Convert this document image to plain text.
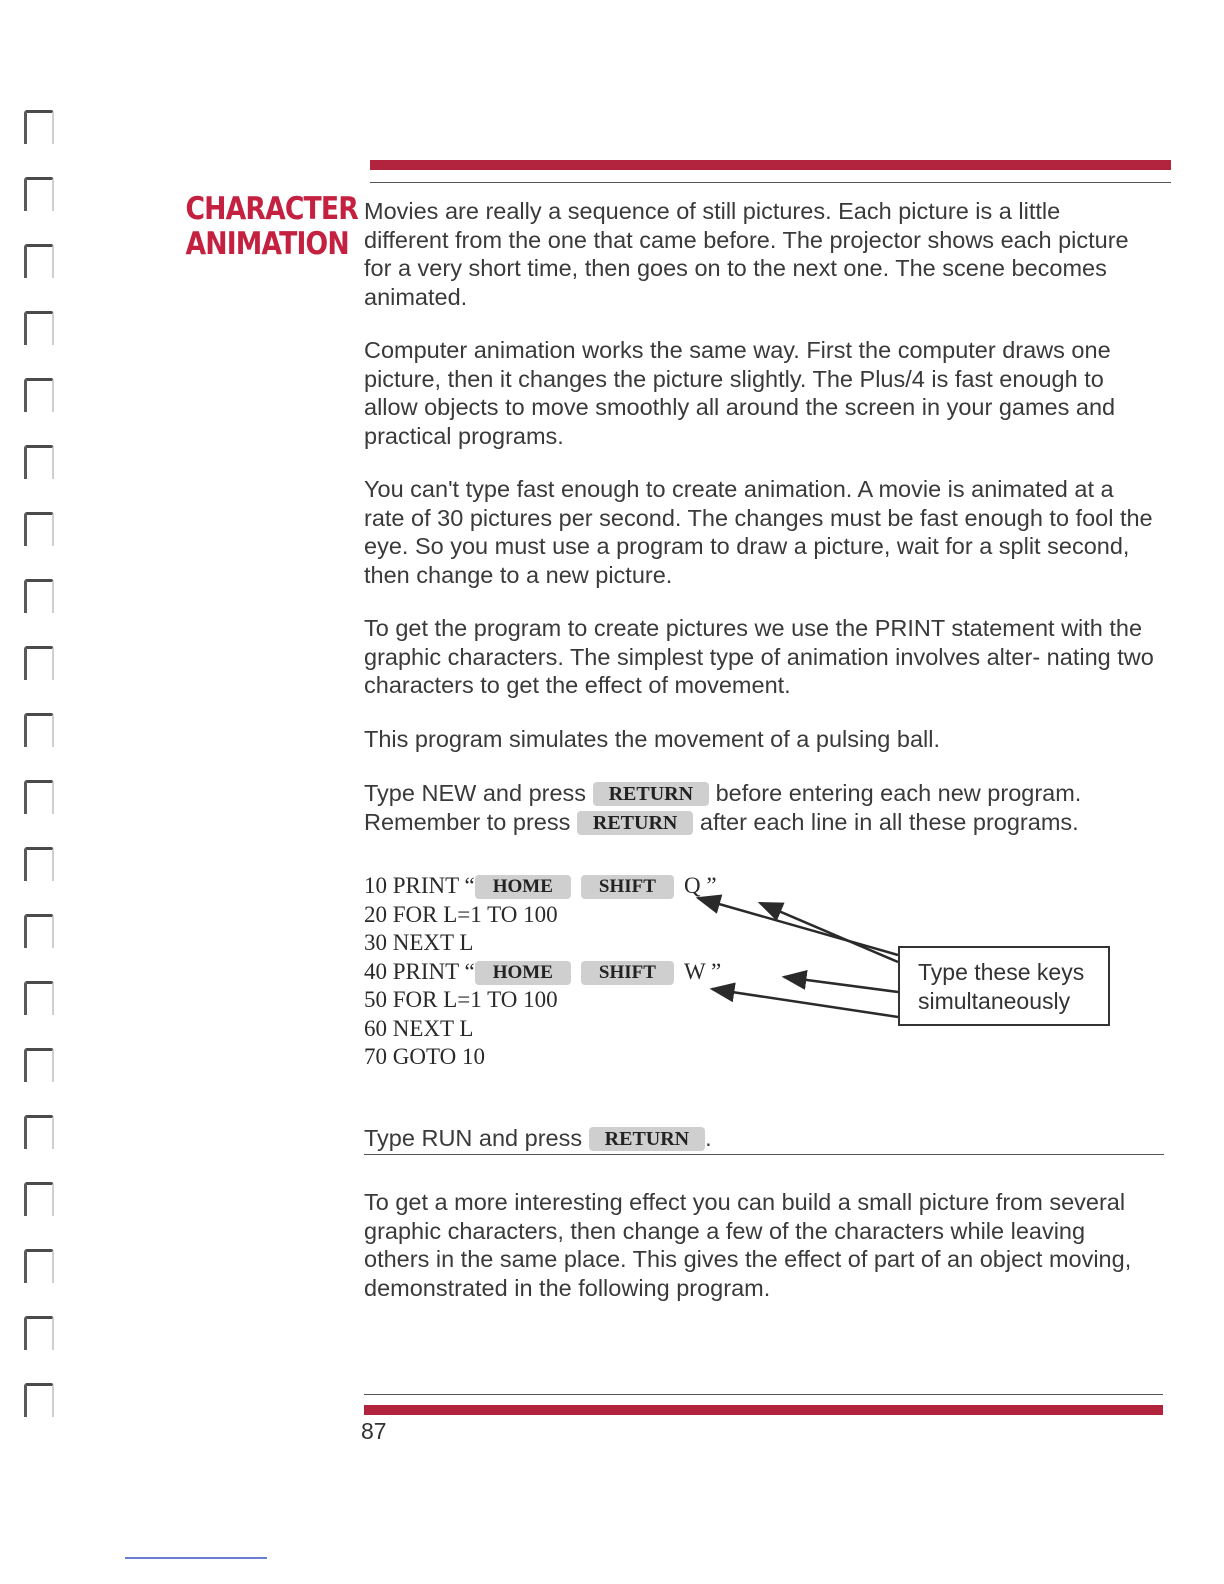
CHARACTER
ANIMATION

Movies are really a sequence of still pictures. Each picture is a little different from the one that came before. The projector shows each picture for a very short time, then goes on to the next one. The scene becomes animated.

Computer animation works the same way. First the computer draws one picture, then it changes the picture slightly. The Plus/4 is fast enough to allow objects to move smoothly all around the screen in your games and practical programs.

You can't type fast enough to create animation. A movie is animated at a rate of 30 pictures per second. The changes must be fast enough to fool the eye. So you must use a program to draw a picture, wait for a split second, then change to a new picture.

To get the program to create pictures we use the PRINT statement with the graphic characters. The simplest type of animation involves alter- nating two characters to get the effect of movement.

This program simulates the movement of a pulsing ball.

Type NEW and press RETURN before entering each new program.
Remember to press RETURN after each line in all these programs.

10 PRINT “ HOME SHIFT Q ”
20 FOR L=1 TO 100
30 NEXT L
40 PRINT “ HOME SHIFT W ”
50 FOR L=1 TO 100
60 NEXT L
70 GOTO 10
Type these keys
simultaneously

Type RUN and press RETURN .

To get a more interesting effect you can build a small picture from several graphic characters, then change a few of the characters while leaving others in the same place. This gives the effect of part of an object moving, demonstrated in the following program.

87
